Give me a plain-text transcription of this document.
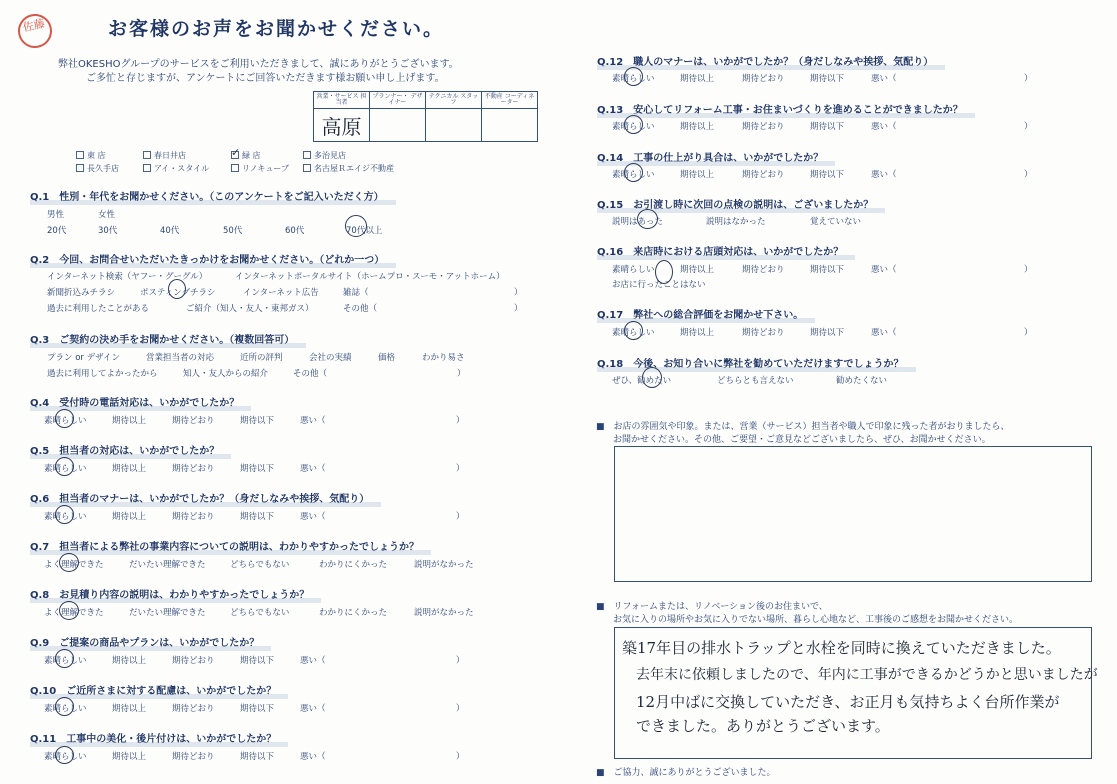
佐藤	お客様のお声をお聞かせください。
弊社OKESHOグループのサービスをご利用いただきまして、誠にありがとうございます。
ご多忙と存じますが、アンケートにご回答いただきます様お願い申し上げます。
営業・サービス 担当者	プランナー・ デザイナー	テクニカル スタッフ	不動産 コーディネーター
高原			
東 店	春日井店	✓ 緑 店	多治見店
長久手店	アイ・スタイル	リノキューブ	名古屋Ｒエイジ不動産
Q.1　性別・年代をお聞かせください。（このアンケートをご記入いただく方）
男性	女性
20代	30代	40代	50代	60代	70代以上
Q.2　今回、お問合せいただいたきっかけをお聞かせください。（どれか一つ）
インターネット検索（ヤフー・グーグル）	インターネットポータルサイト（ホームプロ・スーモ・アットホーム）
新聞折込みチラシ	ポスティングチラシ	インターネット広告	雑誌（	）
過去に利用したことがある	ご紹介（知人・友人・東邦ガス）	その他（	）
Q.3　ご契約の決め手をお聞かせください。（複数回答可）
プラン or デザイン	営業担当者の対応	近所の評判	会社の実績	価格	わかり易さ
過去に利用してよかったから	知人・友人からの紹介	その他（	）
Q.4　受付時の電話対応は、いかがでしたか？
素晴らしい	期待以上	期待どおり	期待以下	悪い（	）
Q.5　担当者の対応は、いかがでしたか？
素晴らしい	期待以上	期待どおり	期待以下	悪い（	）
Q.6　担当者のマナーは、いかがでしたか？（身だしなみや挨拶、気配り）
素晴らしい	期待以上	期待どおり	期待以下	悪い（	）
Q.7　担当者による弊社の事業内容についての説明は、わかりやすかったでしょうか？
よく理解できた	だいたい理解できた	どちらでもない	わかりにくかった	説明がなかった
Q.8　お見積り内容の説明は、わかりやすかったでしょうか？
よく理解できた	だいたい理解できた	どちらでもない	わかりにくかった	説明がなかった
Q.9　ご提案の商品やプランは、いかがでしたか？
素晴らしい	期待以上	期待どおり	期待以下	悪い（	）
Q.10　ご近所さまに対する配慮は、いかがでしたか？
素晴らしい	期待以上	期待どおり	期待以下	悪い（	）
Q.11　工事中の美化・後片付けは、いかがでしたか？
素晴らしい	期待以上	期待どおり	期待以下	悪い（	）
Q.12　職人のマナーは、いかがでしたか？（身だしなみや挨拶、気配り）
素晴らしい	期待以上	期待どおり	期待以下	悪い（	）
Q.13　安心してリフォーム工事・お住まいづくりを進めることができましたか？
素晴らしい	期待以上	期待どおり	期待以下	悪い（	）
Q.14　工事の仕上がり具合は、いかがでしたか？
素晴らしい	期待以上	期待どおり	期待以下	悪い（	）
Q.15　お引渡し時に次回の点検の説明は、ございましたか？
説明はあった	説明はなかった	覚えていない
Q.16　来店時における店頭対応は、いかがでしたか？
素晴らしい	期待以上	期待どおり	期待以下	悪い（	）
お店に行ったことはない
Q.17　弊社への総合評価をお聞かせ下さい。
素晴らしい	期待以上	期待どおり	期待以下	悪い（	）
Q.18　今後、お知り合いに弊社を勧めていただけますでしょうか？
ぜひ、勧めたい	どちらとも言えない	勧めたくない
■　お店の雰囲気や印象。または、営業（サービス）担当者や職人で印象に残った者がおりましたら、
お聞かせください。その他、ご要望・ご意見などございましたら、ぜひ、お聞かせください。
■　リフォームまたは、リノベーション後のお住まいで、
お気に入りの場所やお気に入りでない場所、暮らし心地など、工事後のご感想をお聞かせください。
築17年目の排水トラップと水栓を同時に換えていただきました。
去年末に依頼しましたので、年内に工事ができるかどうかと思いましたが
12月中ばに交換していただき、お正月も気持ちよく台所作業が
できました。ありがとうございます。
■　ご協力、誠にありがとうございました。
